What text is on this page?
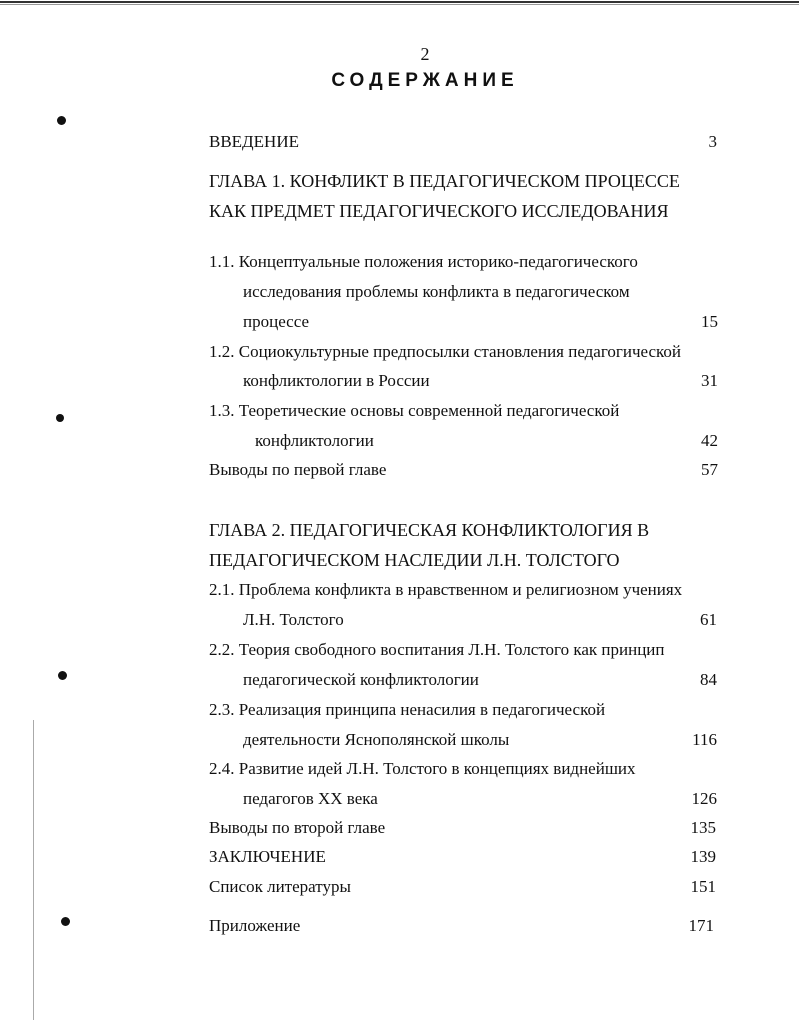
2
СОДЕРЖАНИЕ
ВВЕДЕНИЕ	3
ГЛАВА 1. КОНФЛИКТ В ПЕДАГОГИЧЕСКОМ ПРОЦЕССЕ
КАК ПРЕДМЕТ ПЕДАГОГИЧЕСКОГО ИССЛЕДОВАНИЯ
1.1. Концептуальные положения историко-педагогического
исследования проблемы конфликта в педагогическом
процессе	15
1.2. Социокультурные предпосылки становления педагогической
конфликтологии в России	31
1.3. Теоретические основы современной педагогической
конфликтологии	42
Выводы по первой главе	57
ГЛАВА 2. ПЕДАГОГИЧЕСКАЯ КОНФЛИКТОЛОГИЯ В
ПЕДАГОГИЧЕСКОМ НАСЛЕДИИ Л.Н. ТОЛСТОГО
2.1. Проблема конфликта в нравственном и религиозном учениях
Л.Н. Толстого	61
2.2. Теория свободного воспитания Л.Н. Толстого как принцип
педагогической конфликтологии	84
2.3. Реализация принципа ненасилия в педагогической
деятельности Яснополянской школы	116
2.4. Развитие идей Л.Н. Толстого в концепциях виднейших
педагогов XX века	126
Выводы по второй главе	135
ЗАКЛЮЧЕНИЕ	139
Список литературы	151
Приложение	171
